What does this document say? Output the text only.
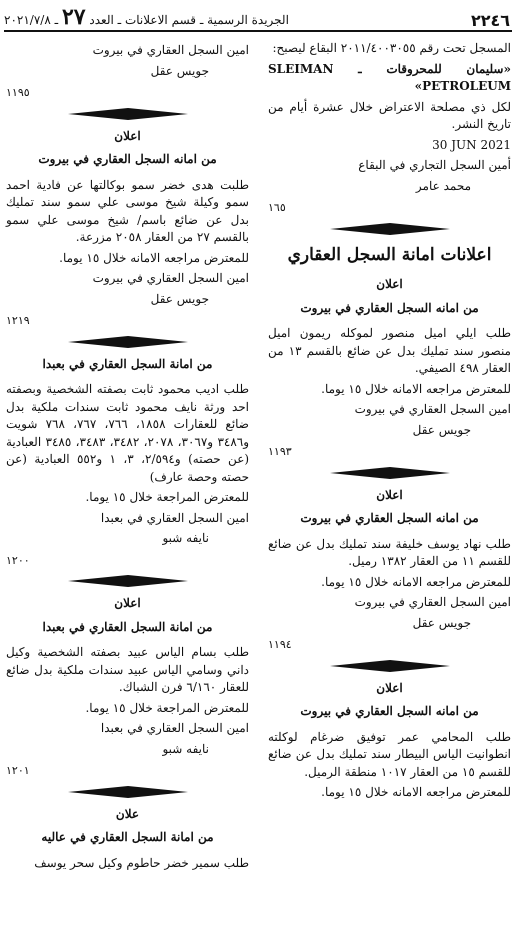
٢٢٤٦
الجريدة الرسمية ـ قسم الاعلانات ـ العدد ٢٧ ـ ٢٠٢١/٧/٨

المسجل تحت رقم ٢٠١١/٤٠٠٣٠٥٥ البقاع ليصبح:

«سليمان للمحروقات ـ SLEIMAN PETROLEUM»

لكل ذي مصلحة الاعتراض خلال عشرة أيام من تاريخ النشر.

30 JUN 2021

أمين السجل التجاري في البقاع

محمد عامر

١٦٥
اعلانات امانة السجل العقاري
اعلان
من امانه السجل العقاري في بيروت

طلب ايلي اميل منصور لموكله ريمون اميل منصور سند تمليك بدل عن ضائع بالقسم ١٣ من العقار ٤٩٨ الصيفي.

للمعترض مراجعه الامانه خلال ١٥ يوما.

امين السجل العقاري في بيروت

جويس عقل

١١٩٣
اعلان
من امانه السجل العقاري في بيروت

طلب نهاد يوسف خليفة سند تمليك بدل عن ضائع للقسم ١١ من العقار ١٣٨٢ رميل.

للمعترض مراجعه الامانه خلال ١٥ يوما.

امين السجل العقاري في بيروت

جويس عقل

١١٩٤
اعلان
من امانه السجل العقاري في بيروت

طلب المحامي عمر توفيق ضرغام لوكلته انطوانيت الياس البيطار سند تمليك بدل عن ضائع للقسم ١٥ من العقار ١٠١٧ منطقة الرميل.

للمعترض مراجعه الامانه خلال ١٥ يوما.

امين السجل العقاري في بيروت

جويس عقل

١١٩٥
اعلان
من امانه السجل العقاري في بيروت

طلبت هدى خضر سمو بوكالتها عن فادية احمد سمو وكيلة شيخ موسى علي سمو سند تمليك بدل عن ضائع باسم/ شيخ موسى علي سمو بالقسم ٢٧ من العقار ٢٠٥٨ مزرعة.

للمعترض مراجعه الامانه خلال ١٥ يوما.

امين السجل العقاري في بيروت

جويس عقل

١٢١٩
من امانة السجل العقاري في بعبدا

طلب اديب محمود ثابت بصفته الشخصية وبصفته احد ورثة نايف محمود ثابت سندات ملكية بدل ضائع للعقارات ١٨٥٨، ٧٦٦، ٧٦٧، ٧٦٨ شويت و٣٤٨٦ و٣٠٦٧، ٢٠٧٨، ٣٤٨٢، ٣٤٨٣، ٣٤٨٥ العبادية (عن حصته) و٢/٥٩٤، ٣، ١ و٥٥٢ العبادية (عن حصته وحصة عارف)

للمعترض المراجعة خلال ١٥ يوما.

امين السجل العقاري في بعبدا

نايفه شبو

١٢٠٠
اعلان
من امانة السجل العقاري في بعبدا

طلب بسام الياس عبيد بصفته الشخصية وكيل داني وسامي الياس عبيد سندات ملكية بدل ضائع للعقار ٦/١٦٠ فرن الشباك.

للمعترض المراجعة خلال ١٥ يوما.

امين السجل العقاري في بعبدا

نايفه شبو

١٢٠١
علان
من امانة السجل العقاري في عاليه

طلب سمير خضر حاطوم وكيل سحر يوسف
